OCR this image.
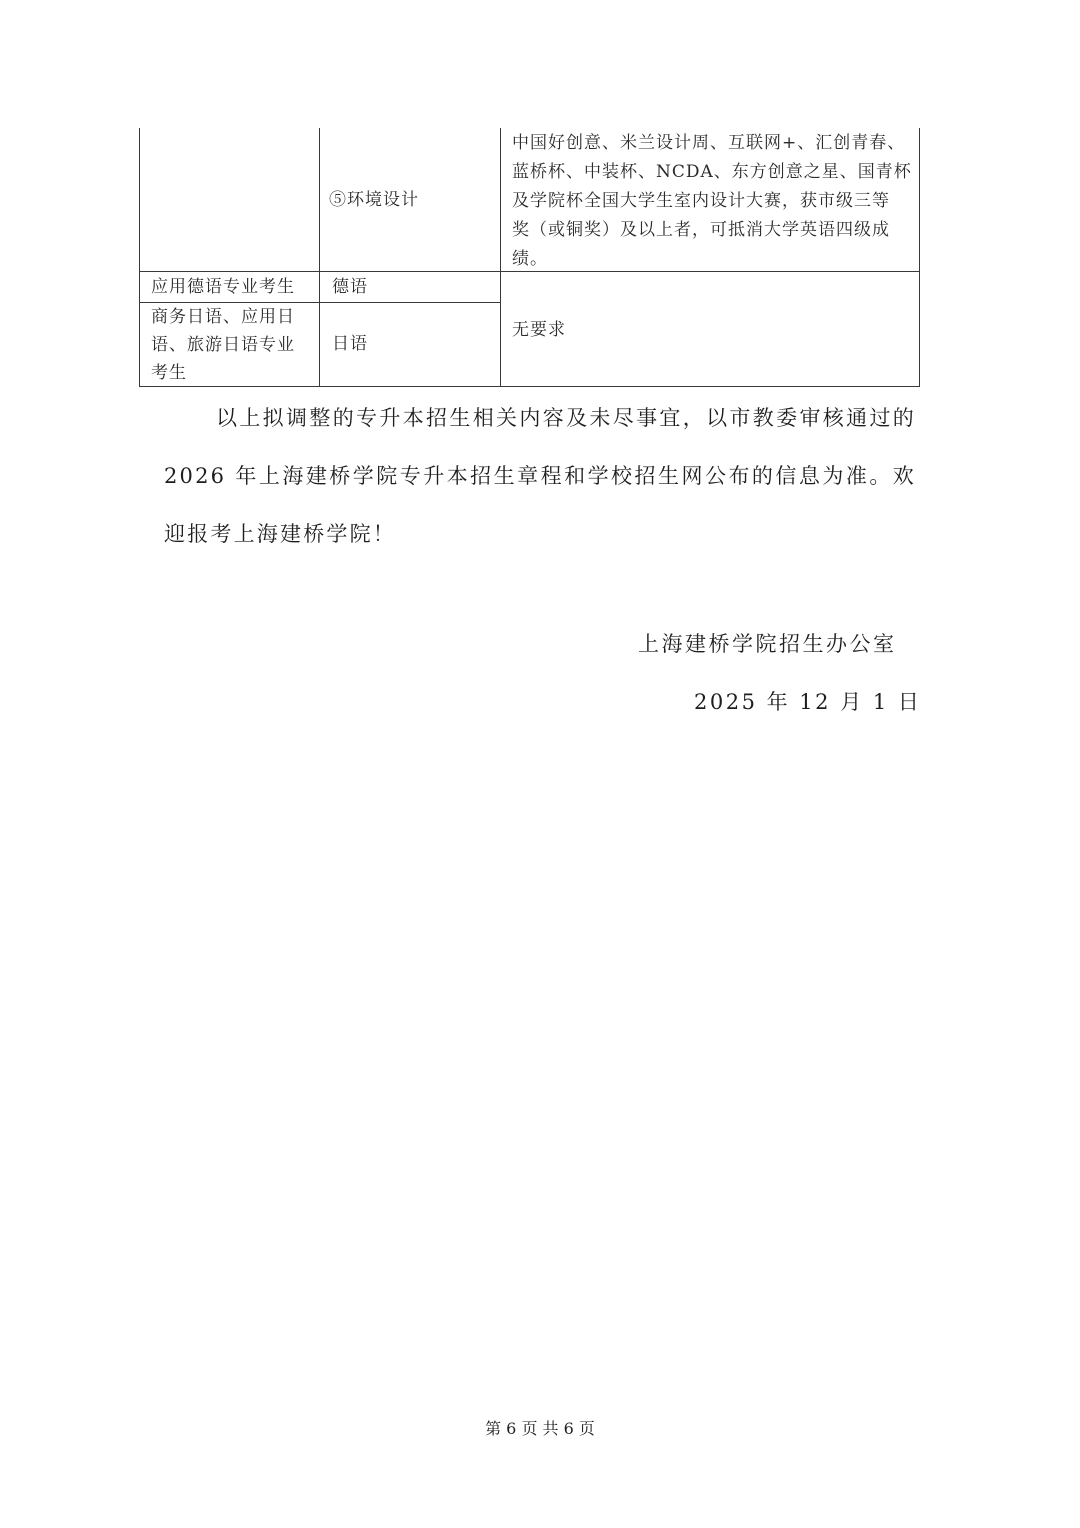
⑤环境设计
中国好创意、米兰设计周、互联网+、汇创青春、
蓝桥杯、中装杯、NCDA、东方创意之星、国青杯
及学院杯全国大学生室内设计大赛，获市级三等
奖（或铜奖）及以上者，可抵消大学英语四级成
绩。
应用德语专业考生 德语
商务日语、应用日
语、旅游日语专业
考生
日语
无要求
以上拟调整的专升本招生相关内容及未尽事宜，以市教委审核通过的 2026 年上海建桥学院专升本招生章程和学校招生网公布的信息为准。欢迎报考上海建桥学院！
上海建桥学院招生办公室
2025 年 12 月 1 日
第 6 页 共 6 页
